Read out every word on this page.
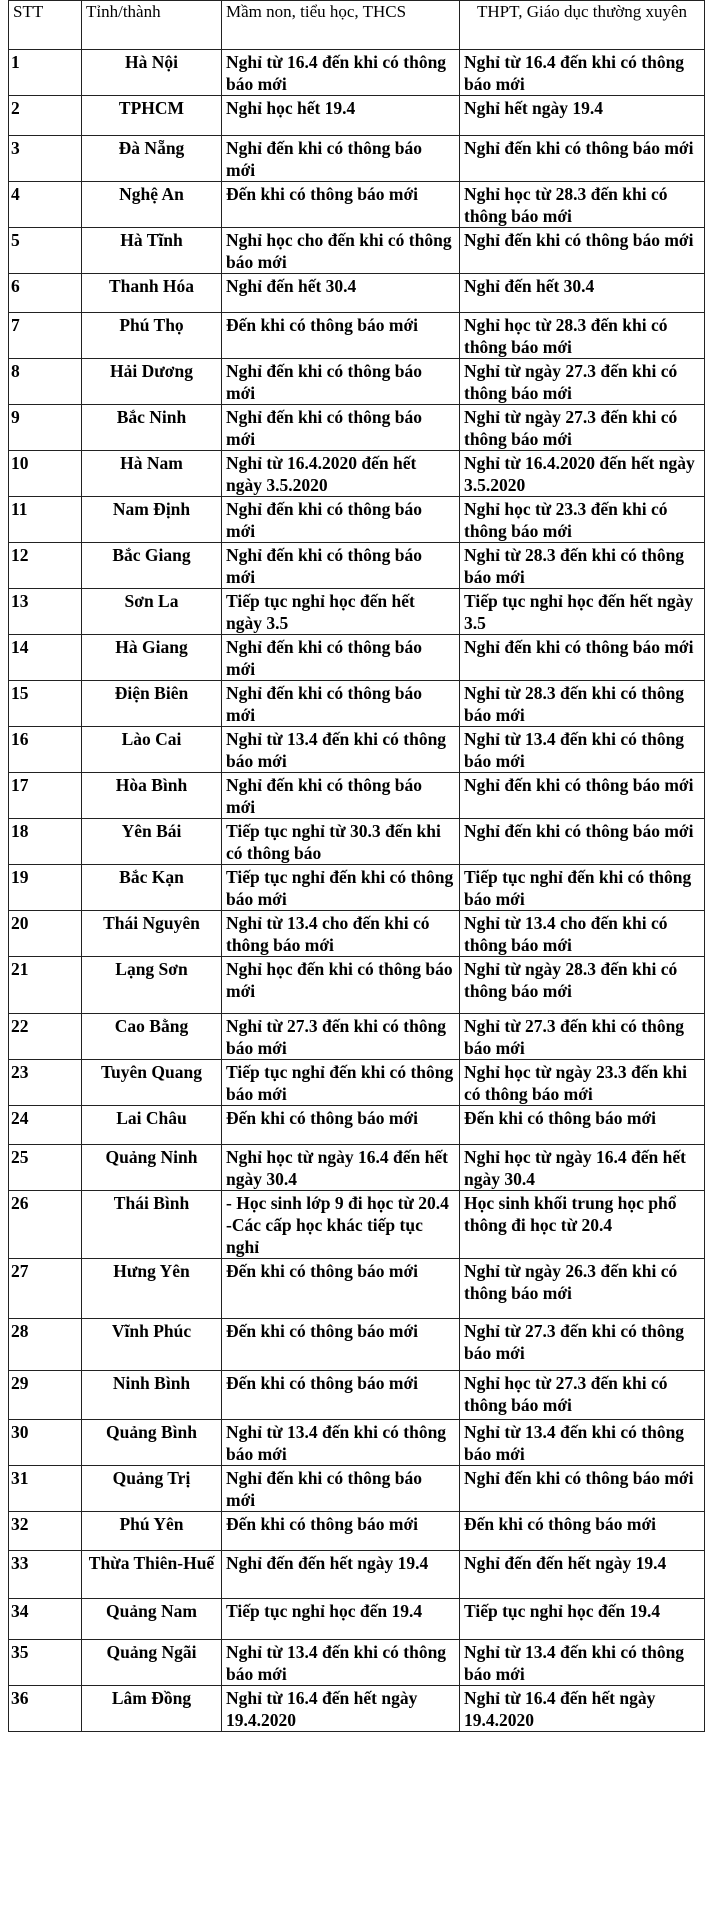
STT	Tỉnh/thành	Mầm non, tiểu học, THCS	THPT, Giáo dục thường xuyên
1	Hà Nội	Nghỉ từ 16.4 đến khi có thông báo mới	Nghỉ từ 16.4 đến khi có thông báo mới
2	TPHCM	Nghỉ học hết 19.4	Nghỉ hết ngày 19.4
3	Đà Nẵng	Nghỉ đến khi có thông báo mới	Nghỉ đến khi có thông báo mới
4	Nghệ An	Đến khi có thông báo mới	Nghỉ học từ 28.3 đến khi có thông báo mới
5	Hà Tĩnh	Nghỉ học cho đến khi có thông báo mới	Nghỉ đến khi có thông báo mới
6	Thanh Hóa	Nghỉ đến hết 30.4	Nghỉ đến hết 30.4
7	Phú Thọ	Đến khi có thông báo mới	Nghỉ học từ 28.3 đến khi có thông báo mới
8	Hải Dương	Nghỉ đến khi có thông báo mới	Nghỉ từ ngày 27.3 đến khi có thông báo mới
9	Bắc Ninh	Nghỉ đến khi có thông báo mới	Nghỉ từ ngày 27.3 đến khi có thông báo mới
10	Hà Nam	Nghỉ từ 16.4.2020 đến hết ngày 3.5.2020	Nghỉ từ 16.4.2020 đến hết ngày 3.5.2020
11	Nam Định	Nghỉ đến khi có thông báo mới	Nghỉ học từ 23.3 đến khi có thông báo mới
12	Bắc Giang	Nghỉ đến khi có thông báo mới	Nghỉ từ 28.3 đến khi có thông báo mới
13	Sơn La	Tiếp tục nghỉ học đến hết ngày 3.5	Tiếp tục nghỉ học đến hết ngày 3.5
14	Hà Giang	Nghỉ đến khi có thông báo mới	Nghỉ đến khi có thông báo mới
15	Điện Biên	Nghỉ đến khi có thông báo mới	Nghỉ từ 28.3 đến khi có thông báo mới
16	Lào Cai	Nghỉ từ 13.4 đến khi có thông báo mới	Nghỉ từ 13.4 đến khi có thông báo mới
17	Hòa Bình	Nghỉ đến khi có thông báo mới	Nghỉ đến khi có thông báo mới
18	Yên Bái	Tiếp tục nghỉ từ 30.3 đến khi có thông báo	Nghỉ đến khi có thông báo mới
19	Bắc Kạn	Tiếp tục nghỉ đến khi có thông báo mới	Tiếp tục nghỉ đến khi có thông báo mới
20	Thái Nguyên	Nghỉ từ 13.4 cho đến khi có thông báo mới	Nghỉ từ 13.4 cho đến khi có thông báo mới
21	Lạng Sơn	Nghỉ học đến khi có thông báo mới	Nghỉ từ ngày 28.3 đến khi có thông báo mới
22	Cao Bằng	Nghỉ từ 27.3 đến khi có thông báo mới	Nghỉ từ 27.3 đến khi có thông báo mới
23	Tuyên Quang	Tiếp tục nghỉ đến khi có thông báo mới	Nghỉ học từ ngày 23.3 đến khi có thông báo mới
24	Lai Châu	Đến khi có thông báo mới	Đến khi có thông báo mới
25	Quảng Ninh	Nghỉ học từ ngày 16.4 đến hết ngày 30.4	Nghỉ học từ ngày 16.4 đến hết ngày 30.4
26	Thái Bình	- Học sinh lớp 9 đi học từ 20.4
-Các cấp học khác tiếp tục nghỉ	Học sinh khối trung học phổ thông đi học từ 20.4
27	Hưng Yên	Đến khi có thông báo mới	Nghỉ từ ngày 26.3 đến khi có thông báo mới
28	Vĩnh Phúc	Đến khi có thông báo mới	Nghỉ từ 27.3 đến khi có thông báo mới
29	Ninh Bình	Đến khi có thông báo mới	Nghỉ học từ 27.3 đến khi có thông báo mới
30	Quảng Bình	Nghỉ từ 13.4 đến khi có thông báo mới	Nghỉ từ 13.4 đến khi có thông báo mới
31	Quảng Trị	Nghỉ đến khi có thông báo mới	Nghỉ đến khi có thông báo mới
32	Phú Yên	Đến khi có thông báo mới	Đến khi có thông báo mới
33	Thừa Thiên-Huế	Nghỉ đến đến hết ngày 19.4	Nghỉ đến đến hết ngày 19.4
34	Quảng Nam	Tiếp tục nghỉ học đến 19.4	Tiếp tục nghỉ học đến 19.4
35	Quảng Ngãi	Nghỉ từ 13.4 đến khi có thông báo mới	Nghỉ từ 13.4 đến khi có thông báo mới
36	Lâm Đồng	Nghỉ từ 16.4 đến hết ngày 19.4.2020	Nghỉ từ 16.4 đến hết ngày 19.4.2020
